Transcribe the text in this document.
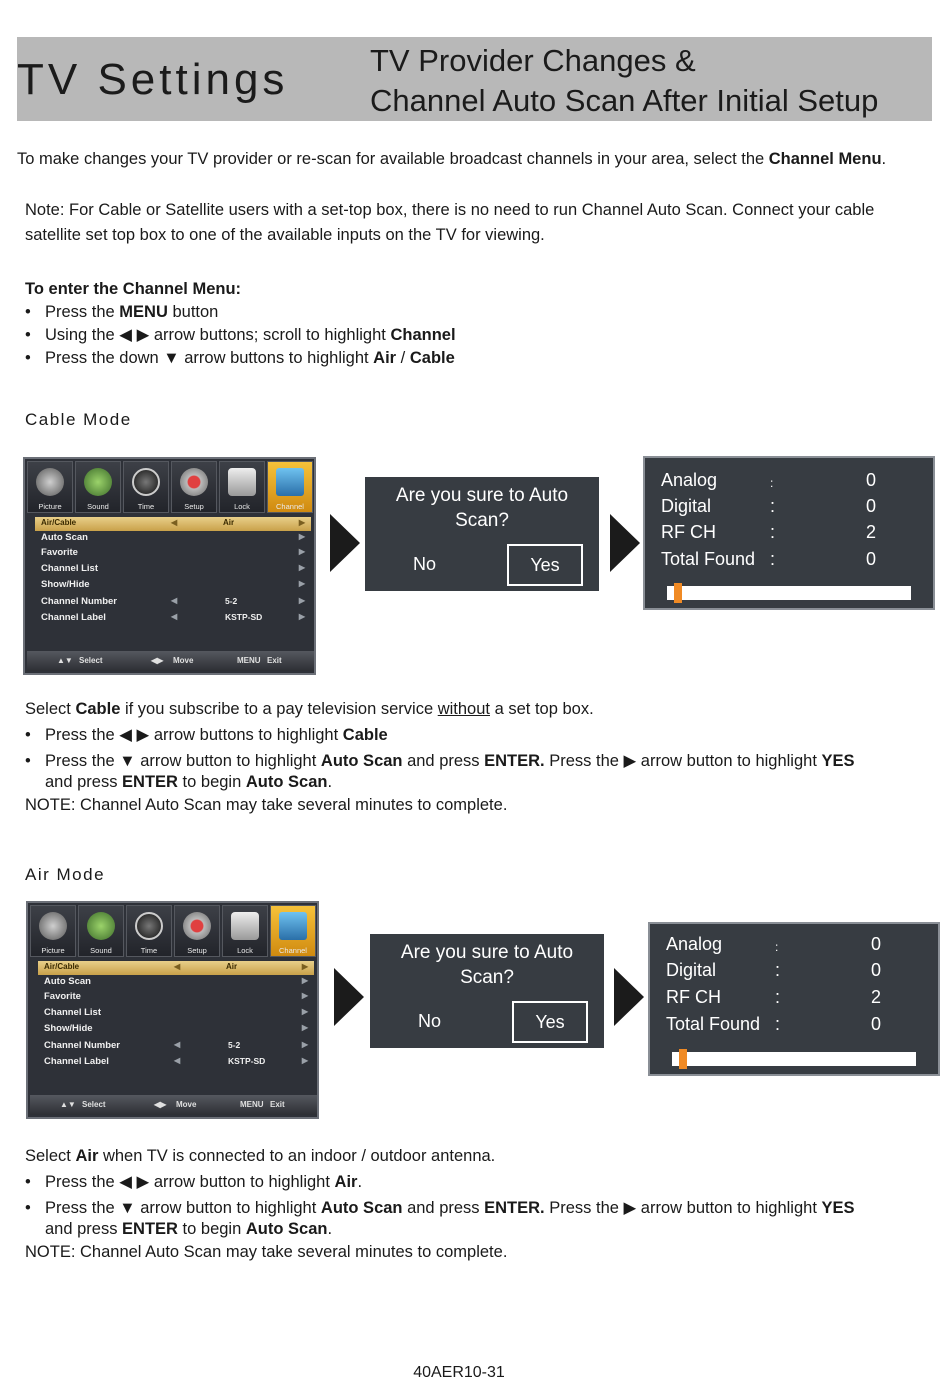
TV Settings	TV Provider Changes &
Channel Auto Scan After Initial Setup
To make changes your TV provider or re-scan for available broadcast channels in your area, select the Channel Menu.
Note: For Cable or Satellite users with a set-top box, there is no need to run Channel Auto Scan. Connect your cable
satellite set top box to one of the available inputs on the TV for viewing.
To enter the Channel Menu:
• Press the MENU button
• Using the ◀ ▶ arrow buttons; scroll to highlight Channel
• Press the down ▼ arrow buttons to highlight Air / Cable
Cable Mode
Picture	Sound	Time	Setup	Lock	Channel
Air/Cable	◀	Air	▶
Auto Scan	▶
Favorite	▶
Channel List	▶
Show/Hide	▶
Channel Number	◀	5-2	▶
Channel Label	◀	KSTP-SD	▶
▲▼ Select	◀▶ Move	MENU Exit
Are you sure to Auto
Scan?
No	Yes
Analog	:	0
Digital	:	0
RF CH	:	2
Total Found :	0
Select Cable if you subscribe to a pay television service without a set top box.
• Press the ◀ ▶ arrow buttons to highlight Cable
• Press the ▼ arrow button to highlight Auto Scan and press ENTER. Press the ▶ arrow button to highlight YES
and press ENTER to begin Auto Scan.
NOTE: Channel Auto Scan may take several minutes to complete.
Air Mode
Picture	Sound	Time	Setup	Lock	Channel
Air/Cable	◀	Air	▶
Auto Scan	▶
Favorite	▶
Channel List	▶
Show/Hide	▶
Channel Number	◀	5-2	▶
Channel Label	◀	KSTP-SD	▶
▲▼ Select	◀▶ Move	MENU Exit
Are you sure to Auto
Scan?
No	Yes
Analog	:	0
Digital	:	0
RF CH	:	2
Total Found :	0
Select Air when TV is connected to an indoor / outdoor antenna.
• Press the ◀ ▶ arrow button to highlight Air.
• Press the ▼ arrow button to highlight Auto Scan and press ENTER. Press the ▶ arrow button to highlight YES
and press ENTER to begin Auto Scan.
NOTE: Channel Auto Scan may take several minutes to complete.
40AER10-31
